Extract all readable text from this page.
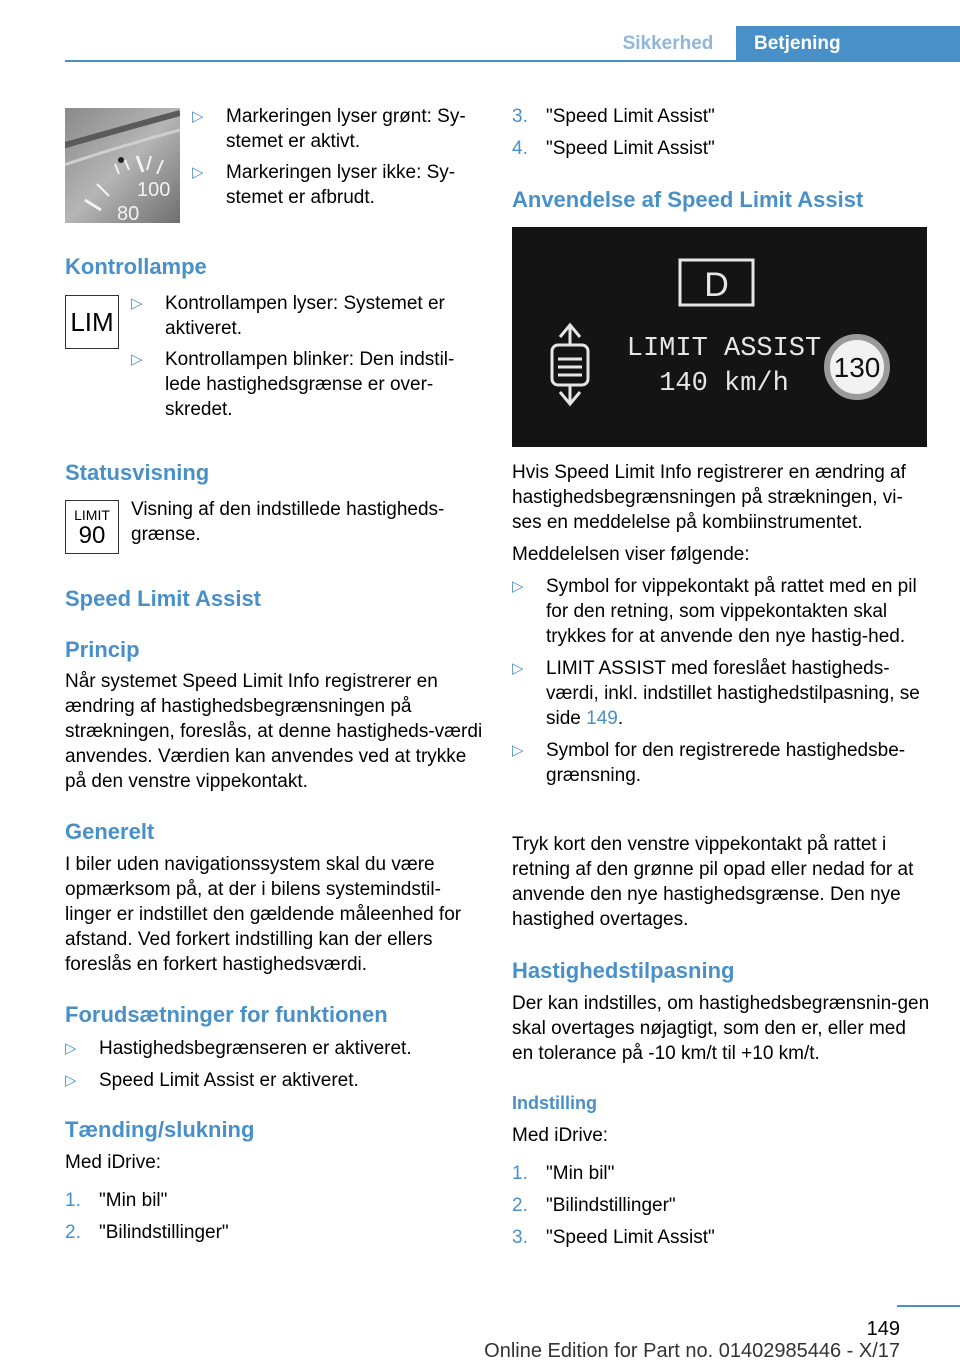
Sikkerhed	Betjening
100
80
▷ Markeringen lyser grønt: Sy-stemet er aktivt.
▷ Markeringen lyser ikke: Sy-stemet er afbrudt.
Kontrollampe
LIM
▷ Kontrollampen lyser: Systemet er aktiveret.
▷ Kontrollampen blinker: Den indstil-lede hastighedsgrænse er over-skredet.
Statusvisning
LIMIT
90
Visning af den indstillede hastigheds-grænse.
Speed Limit Assist
Princip
Når systemet Speed Limit Info registrerer en ændring af hastighedsbegrænsningen på strækningen, foreslås, at denne hastigheds-værdi anvendes. Værdien kan anvendes ved at trykke på den venstre vippekontakt.
Generelt
I biler uden navigationssystem skal du være opmærksom på, at der i bilens systemindstil-linger er indstillet den gældende måleenhed for afstand. Ved forkert indstilling kan der ellers foreslås en forkert hastighedsværdi.
Forudsætninger for funktionen
▷ Hastighedsbegrænseren er aktiveret.
▷ Speed Limit Assist er aktiveret.
Tænding/slukning
Med iDrive:
1. "Min bil"
2. "Bilindstillinger"
3. "Speed Limit Assist"
4. "Speed Limit Assist"
Anvendelse af Speed Limit Assist
D
LIMIT ASSIST
140 km/h
130
Hvis Speed Limit Info registrerer en ændring af hastighedsbegrænsningen på strækningen, vi-ses en meddelelse på kombiinstrumentet.
Meddelelsen viser følgende:
▷ Symbol for vippekontakt på rattet med en pil for den retning, som vippekontakten skal trykkes for at anvende den nye hastig-hed.
▷ LIMIT ASSIST med foreslået hastigheds-værdi, inkl. indstillet hastighedstilpasning, se side 149.
▷ Symbol for den registrerede hastighedsbe-grænsning.
Tryk kort den venstre vippekontakt på rattet i retning af den grønne pil opad eller nedad for at anvende den nye hastighedsgrænse. Den nye hastighed overtages.
Hastighedstilpasning
Der kan indstilles, om hastighedsbegrænsnin-gen skal overtages nøjagtigt, som den er, eller med en tolerance på -10 km/t til +10 km/t.
Indstilling
Med iDrive:
1. "Min bil"
2. "Bilindstillinger"
3. "Speed Limit Assist"
149
Online Edition for Part no. 01402985446 - X/17
